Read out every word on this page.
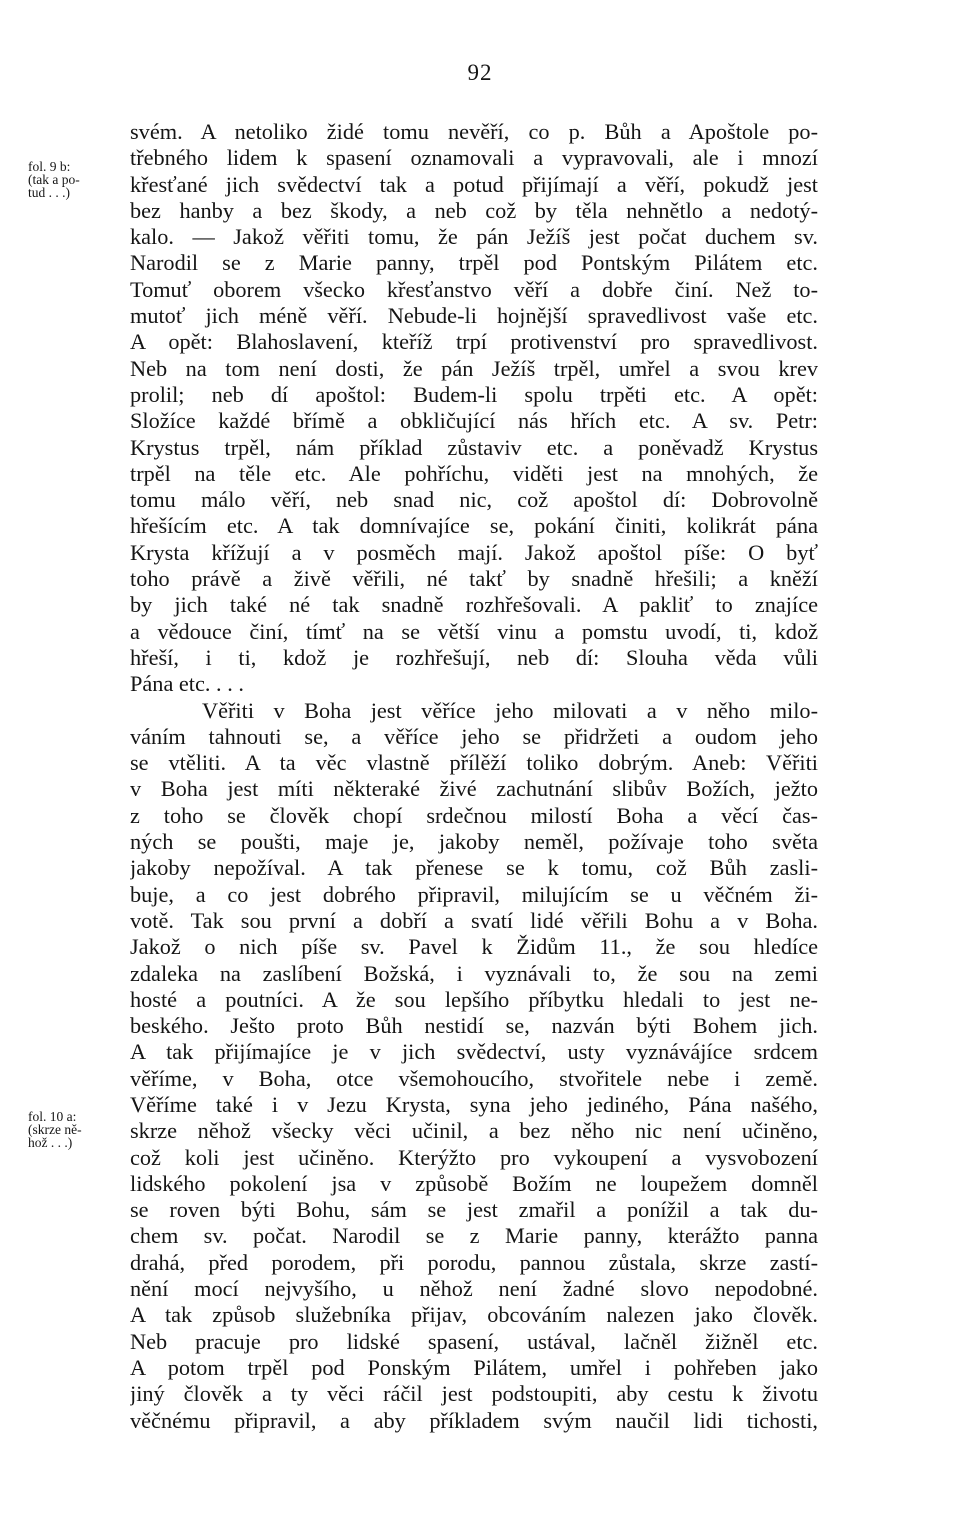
92
fol. 9 b:
(tak a po-
tud . . .)
fol. 10 a:
(skrze ně-
hož . . .)
svém. A netoliko židé tomu nevěří, co p. Bůh a Apoštole po-
třebného lidem k spasení oznamovali a vypravovali, ale i mnozí
křesťané jich svědectví tak a potud přijímají a věří, pokudž jest
bez hanby a bez škody, a neb což by těla nehnětlo a nedotý-
kalo. — Jakož věřiti tomu, že pán Ježíš jest počat duchem sv.
Narodil se z Marie panny, trpěl pod Pontským Pilátem etc.
Tomuť oborem všecko křesťanstvo věří a dobře činí. Než to-
mutoť jich méně věří. Nebude-li hojnější spravedlivost vaše etc.
A opět: Blahoslavení, kteříž trpí protivenství pro spravedlivost.
Neb na tom není dosti, že pán Ježíš trpěl, umřel a svou krev
prolil; neb dí apoštol: Budem-li spolu trpěti etc. A opět:
Složíce každé břímě a obkličující nás hřích etc. A sv. Petr:
Krystus trpěl, nám příklad zůstaviv etc. a poněvadž Krystus
trpěl na těle etc. Ale pohříchu, viděti jest na mnohých, že
tomu málo věří, neb snad nic, což apoštol dí: Dobrovolně
hřešícím etc. A tak domnívajíce se, pokání činiti, kolikrát pána
Krysta křížují a v posměch mají. Jakož apoštol píše: O byť
toho právě a živě věřili, né takť by snadně hřešili; a kněží
by jich také né tak snadně rozhřešovali. A pakliť to znajíce
a vědouce činí, tímť na se větší vinu a pomstu uvodí, ti, kdož
hřeší, i ti, kdož je rozhřešují, neb dí: Slouha věda vůli
Pána etc. . . .
Věřiti v Boha jest věříce jeho milovati a v něho milo-
váním tahnouti se, a věříce jeho se přidržeti a oudom jeho
se vtěliti. A ta věc vlastně přílěží toliko dobrým. Aneb: Věřiti
v Boha jest míti některaké živé zachutnání slibův Božích, ježto
z toho se člověk chopí srdečnou milostí Boha a věcí čas-
ných se poušti, maje je, jakoby neměl, požívaje toho světa
jakoby nepožíval. A tak přenese se k tomu, což Bůh zasli-
buje, a co jest dobrého připravil, milujícím se u věčném ži-
votě. Tak sou první a dobří a svatí lidé věřili Bohu a v Boha.
Jakož o nich píše sv. Pavel k Židům 11., že sou hledíce
zdaleka na zaslíbení Božská, i vyznávali to, že sou na zemi
hosté a poutníci. A že sou lepšího příbytku hledali to jest ne-
beského. Ješto proto Bůh nestidí se, nazván býti Bohem jich.
A tak přijímajíce je v jich svědectví, usty vyznávájíce srdcem
věříme, v Boha, otce všemohoucího, stvořitele nebe i země.
Věříme také i v Jezu Krysta, syna jeho jediného, Pána našého,
skrze něhož všecky věci učinil, a bez něho nic není učiněno,
což koli jest učiněno. Kterýžto pro vykoupení a vysvobození
lidského pokolení jsa v způsobě Božím ne loupežem domněl
se roven býti Bohu, sám se jest zmařil a ponížil a tak du-
chem sv. počat. Narodil se z Marie panny, kterážto panna
drahá, před porodem, při porodu, pannou zůstala, skrze zastí-
nění mocí nejvyšího, u něhož není žadné slovo nepodobné.
A tak způsob služebníka přijav, obcováním nalezen jako člověk.
Neb pracuje pro lidské spasení, ustával, lačněl žižněl etc.
A potom trpěl pod Ponským Pilátem, umřel i pohřeben jako
jiný člověk a ty věci ráčil jest podstoupiti, aby cestu k životu
věčnému připravil, a aby příkladem svým naučil lidi tichosti,
